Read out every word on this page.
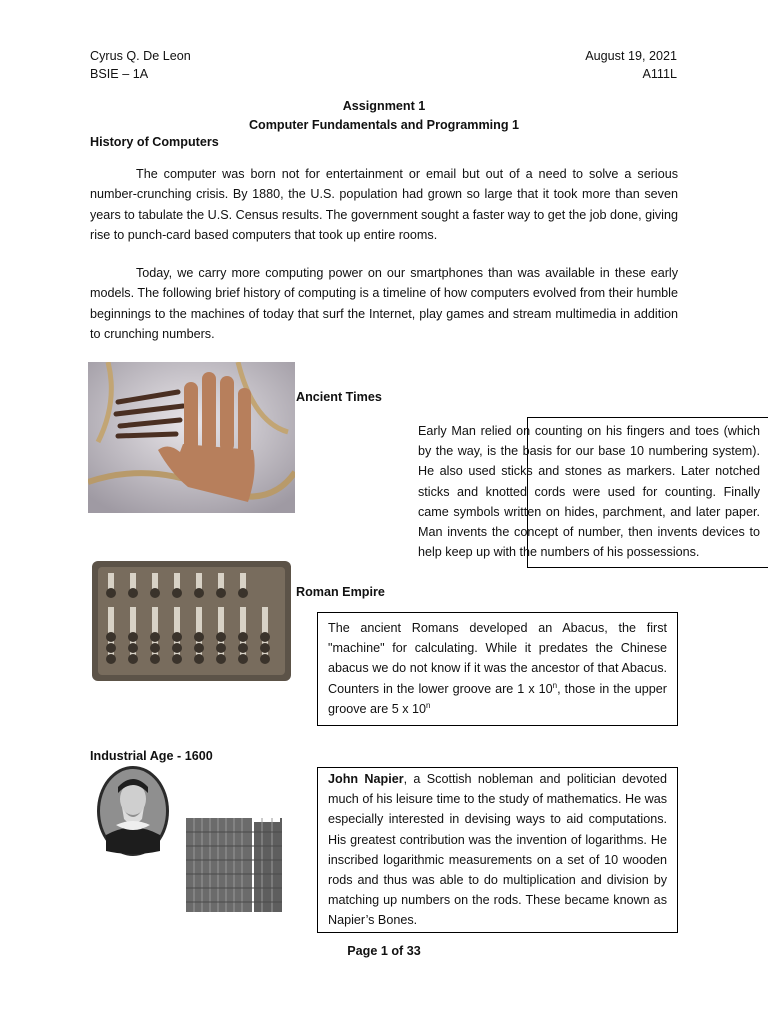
Cyrus Q. De Leon
BSIE – 1A
August 19, 2021
A111L
Assignment 1
Computer Fundamentals and Programming 1
History of Computers

The computer was born not for entertainment or email but out of a need to solve a serious number-crunching crisis. By 1880, the U.S. population had grown so large that it took more than seven years to tabulate the U.S. Census results. The government sought a faster way to get the job done, giving rise to punch-card based computers that took up entire rooms.

Today, we carry more computing power on our smartphones than was available in these early models. The following brief history of computing is a timeline of how computers evolved from their humble beginnings to the machines of today that surf the Internet, play games and stream multimedia in addition to crunching numbers.

Ancient Times

Early Man relied on counting on his fingers and toes (which by the way, is the basis for our base 10 numbering system). He also used sticks and stones as markers. Later notched sticks and knotted cords were used for counting. Finally came symbols written on hides, parchment, and later paper. Man invents the concept of number, then invents devices to help keep up with the numbers of his possessions.

Roman Empire

The ancient Romans developed an Abacus, the first "machine" for calculating. While it predates the Chinese abacus we do not know if it was the ancestor of that Abacus. Counters in the lower groove are 1 x 10$^n$, those in the upper groove are 5 x 10$^n$

Industrial Age - 1600

John Napier, a Scottish nobleman and politician devoted much of his leisure time to the study of mathematics. He was especially interested in devising ways to aid computations. His greatest contribution was the invention of logarithms. He inscribed logarithmic measurements on a set of 10 wooden rods and thus was able to do multiplication and division by matching up numbers on the rods. These became known as Napier’s Bones.

Page 1 of 33
